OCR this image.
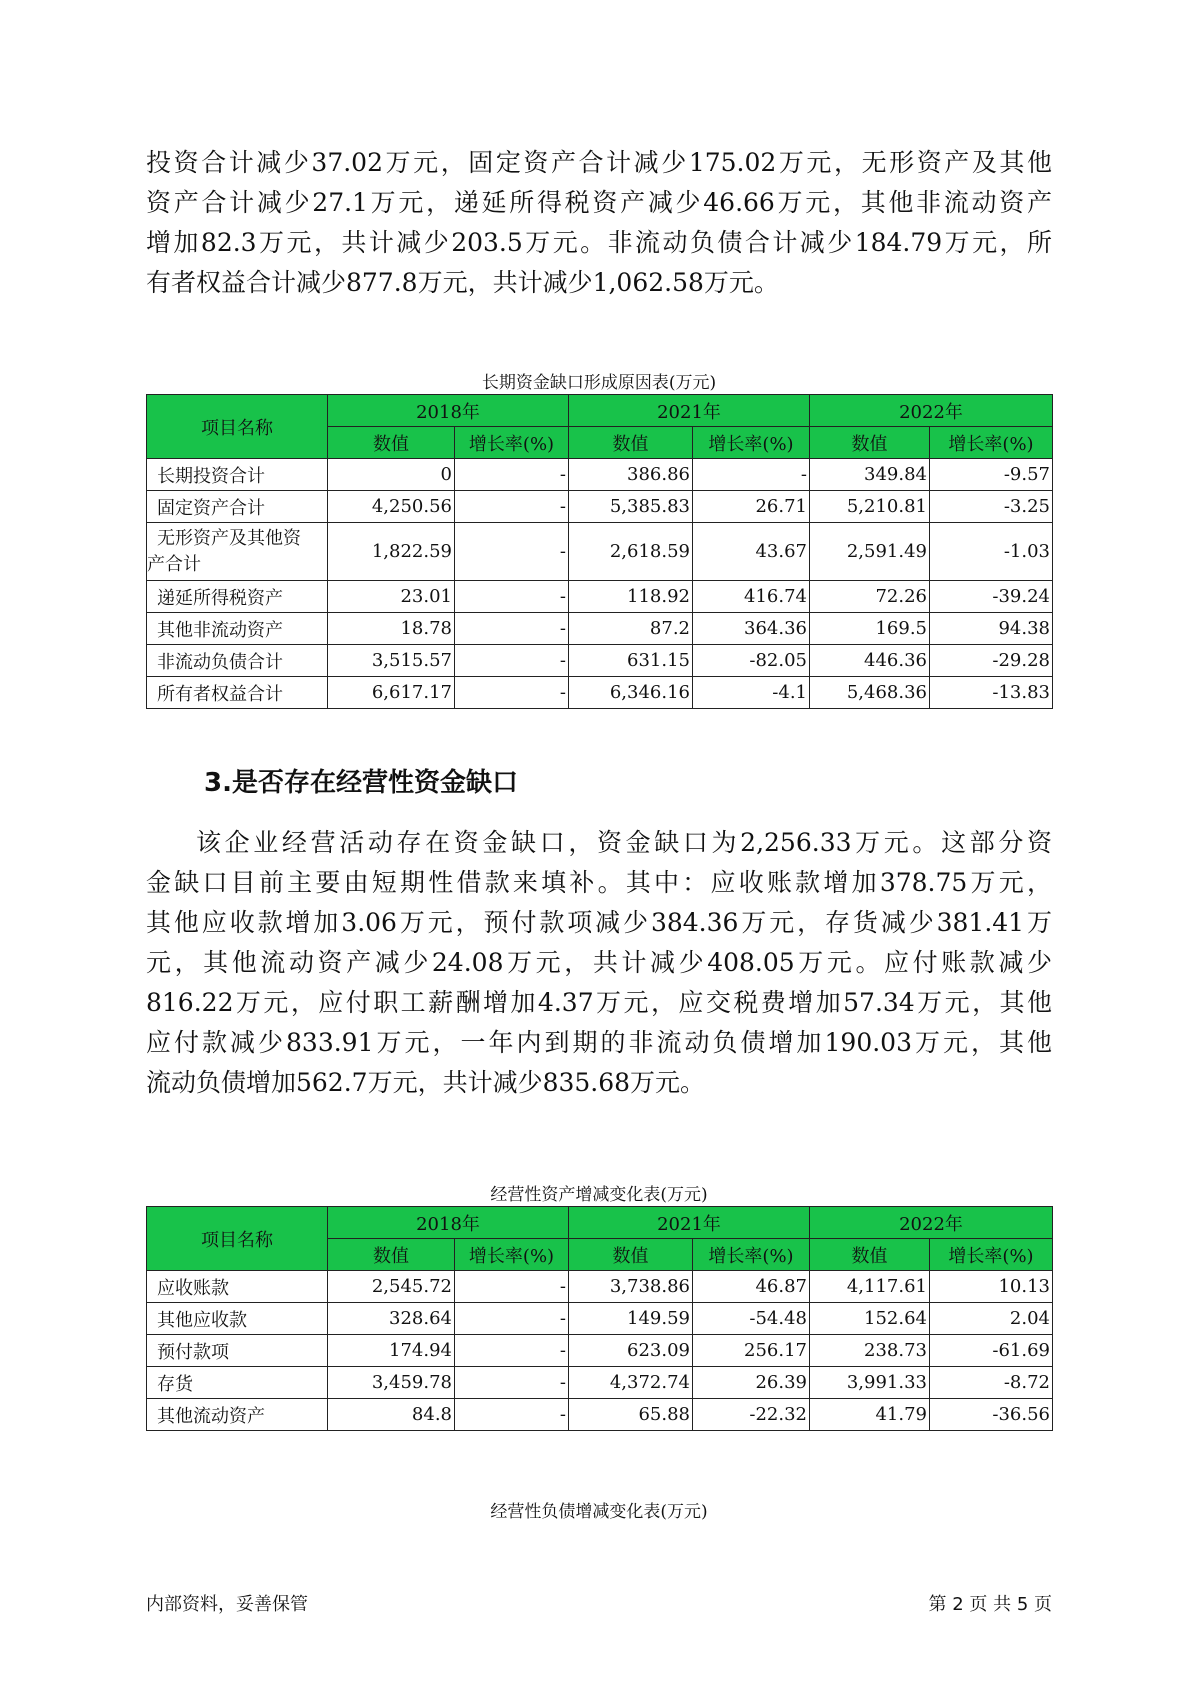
投资合计减少37.02万元，固定资产合计减少175.02万元，无形资产及其他
资产合计减少27.1万元，递延所得税资产减少46.66万元，其他非流动资产
增加82.3万元，共计减少203.5万元。非流动负债合计减少184.79万元，所
有者权益合计减少877.8万元，共计减少1,062.58万元。

长期资金缺口形成原因表(万元)

项目名称	2018年		2021年		2022年	
	数值	增长率(%)	数值	增长率(%)	数值	增长率(%)
长期投资合计	0	-	386.86	-	349.84	-9.57
固定资产合计	4,250.56	-	5,385.83	26.71	5,210.81	-3.25

无形资产及其他资
产合计	1,822.59	-	2,618.59	43.67	2,591.49	-1.03
递延所得税资产	23.01	-	118.92	416.74	72.26	-39.24
其他非流动资产	18.78	-	87.2	364.36	169.5	94.38
非流动负债合计	3,515.57	-	631.15	-82.05	446.36	-29.28
所有者权益合计	6,617.17	-	6,346.16	-4.1	5,468.36	-13.83

3.是否存在经营性资金缺口

该企业经营活动存在资金缺口，资金缺口为2,256.33万元。这部分资
金缺口目前主要由短期性借款来填补。其中：应收账款增加378.75万元，
其他应收款增加3.06万元，预付款项减少384.36万元，存货减少381.41万
元，其他流动资产减少24.08万元，共计减少408.05万元。应付账款减少
816.22万元，应付职工薪酬增加4.37万元，应交税费增加57.34万元，其他
应付款减少833.91万元，一年内到期的非流动负债增加190.03万元，其他
流动负债增加562.7万元，共计减少835.68万元。

经营性资产增减变化表(万元)

项目名称	2018年		2021年		2022年	
	数值	增长率(%)	数值	增长率(%)	数值	增长率(%)
应收账款	2,545.72	-	3,738.86	46.87	4,117.61	10.13
其他应收款	328.64	-	149.59	-54.48	152.64	2.04
预付款项	174.94	-	623.09	256.17	238.73	-61.69
存货	3,459.78	-	4,372.74	26.39	3,991.33	-8.72
其他流动资产	84.8	-	65.88	-22.32	41.79	-36.56

经营性负债增减变化表(万元)

内部资料，妥善保管	第 2 页 共 5 页
